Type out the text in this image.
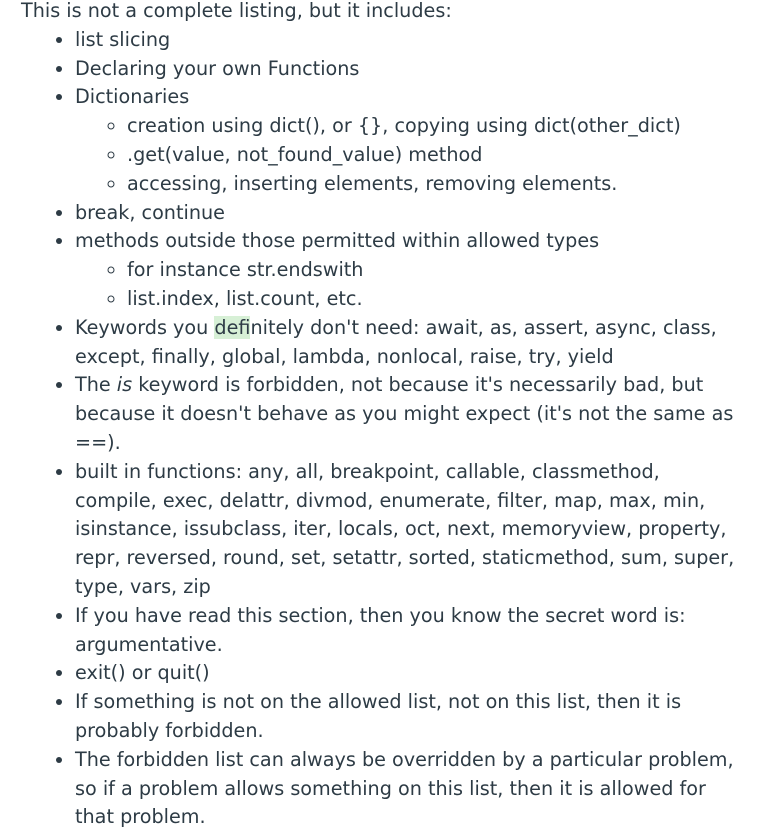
This is not a complete listing, but it includes:

• list slicing
• Declaring your own Functions
• Dictionaries
◦ creation using dict(), or {}, copying using dict(other_dict)
◦ .get(value, not_found_value) method
◦ accessing, inserting elements, removing elements.
• break, continue
• methods outside those permitted within allowed types
◦ for instance str.endswith
◦ list.index, list.count, etc.
• Keywords you definitely don't need: await, as, assert, async, class, except, finally, global, lambda, nonlocal, raise, try, yield
• The is keyword is forbidden, not because it's necessarily bad, but because it doesn't behave as you might expect (it's not the same as ==).
• built in functions: any, all, breakpoint, callable, classmethod, compile, exec, delattr, divmod, enumerate, filter, map, max, min, isinstance, issubclass, iter, locals, oct, next, memoryview, property, repr, reversed, round, set, setattr, sorted, staticmethod, sum, super, type, vars, zip
• If you have read this section, then you know the secret word is: argumentative.
• exit() or quit()
• If something is not on the allowed list, not on this list, then it is probably forbidden.
• The forbidden list can always be overridden by a particular problem, so if a problem allows something on this list, then it is allowed for that problem.
